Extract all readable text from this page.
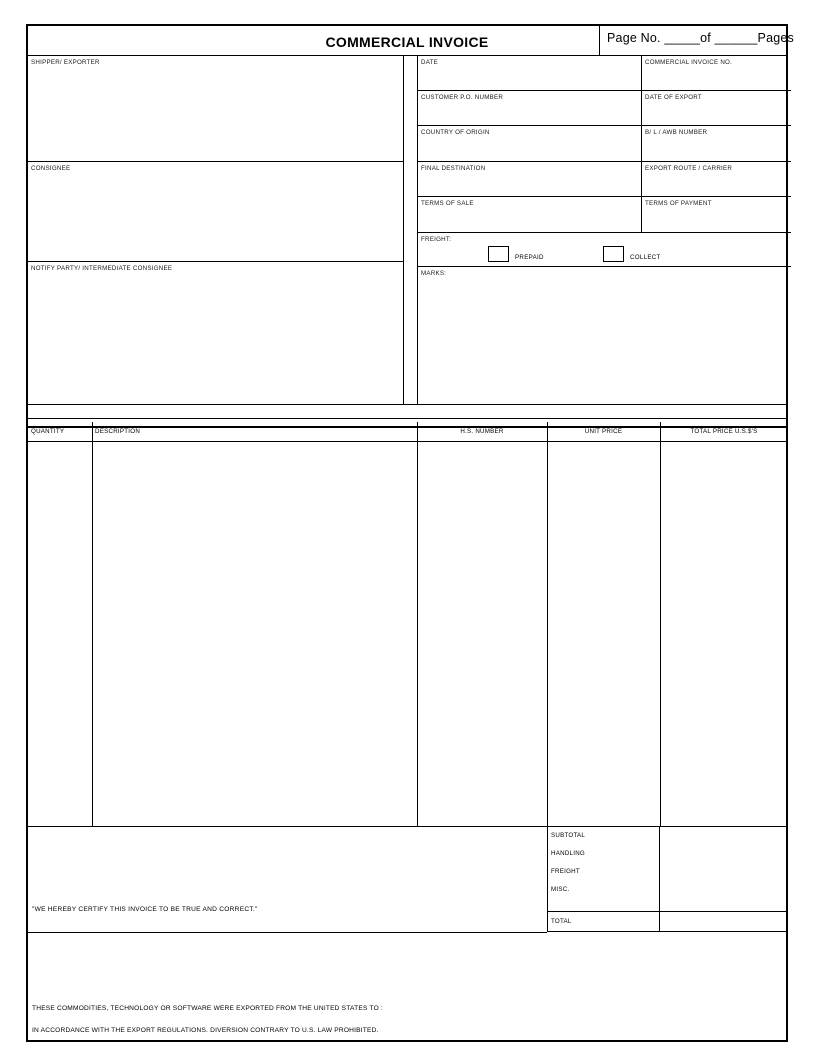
COMMERCIAL INVOICE	Page No. _____of ______Pages
SHIPPER/ EXPORTER
CONSIGNEE
NOTIFY PARTY/ INTERMEDIATE CONSIGNEE
DATE	COMMERCIAL INVOICE NO.
CUSTOMER P.O. NUMBER	DATE OF EXPORT
COUNTRY OF ORIGIN	B/ L / AWB NUMBER
FINAL DESTINATION	EXPORT ROUTE / CARRIER
TERMS OF SALE	TERMS OF PAYMENT
FREIGHT:
PREPAID	COLLECT
MARKS:
QUANTITY	DESCRIPTION	H.S. NUMBER	UNIT PRICE	TOTAL PRICE U.S.$'S
SUBTOTAL
HANDLING
FREIGHT
MISC.
TOTAL
"WE HEREBY CERTIFY THIS INVOICE TO BE TRUE AND CORRECT."
THESE COMMODITIES, TECHNOLOGY OR SOFTWARE WERE EXPORTED FROM THE UNITED STATES TO :
IN ACCORDANCE WITH THE EXPORT REGULATIONS. DIVERSION CONTRARY TO U.S. LAW PROHIBITED.
